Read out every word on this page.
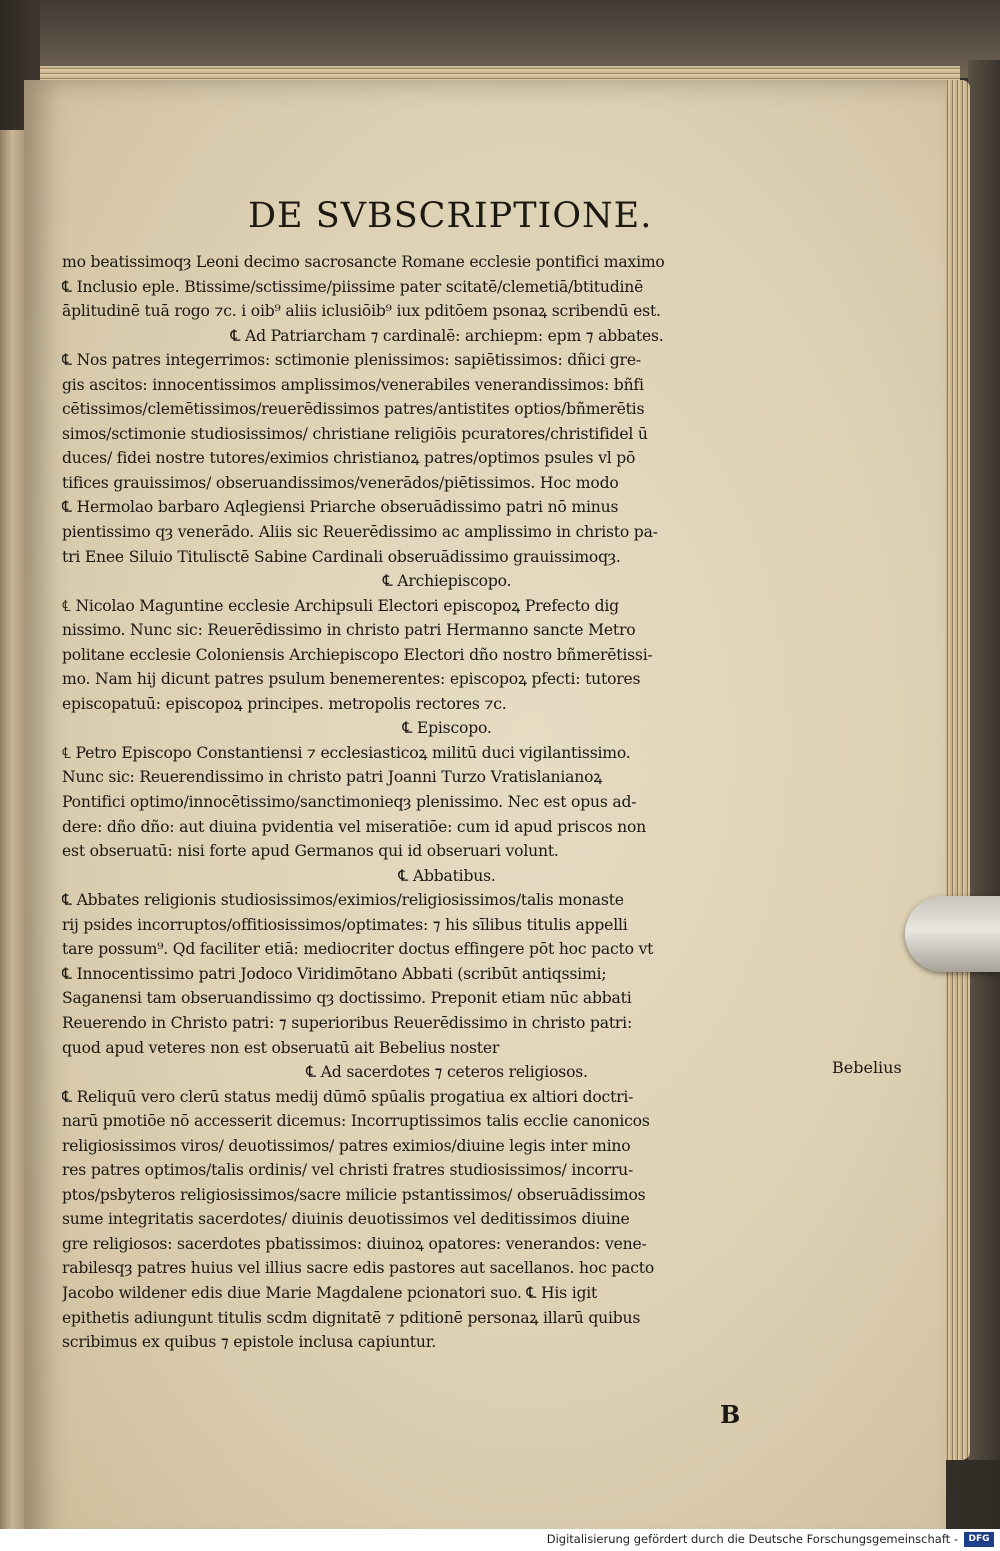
DE SVBSCRIPTIONE.
mo beatissimoqȝ Leoni decimo sacrosancte Romane ecclesie pontifici maximo
℄ Inclusio eple. Btissime/sctissime/piissime pater scitatē/clemetiā/btitudinē
āplitudinē tuā rogo ⁊c. i oib⁹ aliis iclusiōib⁹ iux pditōem psonaꝝ scribendū est.
℄ Ad Patriarcham ⁊ cardinalē: archiepm: epm ⁊ abbates.
℄ Nos patres integerrimos: sctimonie plenissimos: sapiētissimos: dñici gre-
gis ascitos: innocentissimos amplissimos/venerabiles venerandissimos: bñfi
cētissimos/clemētissimos/reuerēdissimos patres/antistites optios/bñmerētis
simos/sctimonie studiosissimos/ christiane religiōis pcuratores/christifidel ū
duces/ fidei nostre tutores/eximios christianoꝝ patres/optimos psules vl pō
tifices grauissimos/ obseruandissimos/venerādos/piētissimos. Hoc modo
℄ Hermolao barbaro Aqlegiensi Priarche obseruādissimo patri nō minus
pientissimo qȝ venerādo. Aliis sic Reuerēdissimo ac amplissimo in christo pa-
tri Enee Siluio Titulisctē Sabine Cardinali obseruādissimo grauissimoqȝ.
℄ Archiepiscopo.
℄ Nicolao Maguntine ecclesie Archipsuli Electori episcopoꝝ Prefecto dig
nissimo. Nunc sic: Reuerēdissimo in christo patri Hermanno sancte Metro
politane ecclesie Coloniensis Archiepiscopo Electori dño nostro bñmerētissi-
mo. Nam hij dicunt patres psulum benemerentes: episcopoꝝ pfecti: tutores
episcopatuū: episcopoꝝ principes. metropolis rectores ⁊c.
℄ Episcopo.
℄ Petro Episcopo Constantiensi ⁊ ecclesiasticoꝝ militū duci vigilantissimo.
Nunc sic: Reuerendissimo in christo patri Joanni Turzo Vratislanianoꝝ
Pontifici optimo/innocētissimo/sanctimonieqȝ plenissimo. Nec est opus ad-
dere: dño dño: aut diuina pvidentia vel miseratiōe: cum id apud priscos non
est obseruatū: nisi forte apud Germanos qui id obseruari volunt.
℄ Abbatibus.
℄ Abbates religionis studiosissimos/eximios/religiosissimos/talis monaste
rij psides incorruptos/offitiosissimos/optimates: ⁊ his sīlibus titulis appelli
tare possum⁹. Qd faciliter etiā: mediocriter doctus effingere pōt hoc pacto vt
℄ Innocentissimo patri Jodoco Viridimōtano Abbati (scribūt antiqssimi;
Saganensi tam obseruandissimo qȝ doctissimo. Preponit etiam nūc abbati
Reuerendo in Christo patri: ⁊ superioribus Reuerēdissimo in christo patri:
quod apud veteres non est obseruatū ait Bebelius noster
℄ Ad sacerdotes ⁊ ceteros religiosos.
℄ Reliquū vero clerū status medij dūmō spūalis progatiua ex altiori doctri-
narū pmotiōe nō accesserit dicemus: Incorruptissimos talis ecclie canonicos
religiosissimos viros/ deuotissimos/ patres eximios/diuine legis inter mino
res patres optimos/talis ordinis/ vel christi fratres studiosissimos/ incorru-
ptos/psbyteros religiosissimos/sacre milicie pstantissimos/ obseruādissimos
sume integritatis sacerdotes/ diuinis deuotissimos vel deditissimos diuine
gre religiosos: sacerdotes pbatissimos: diuinoꝝ opatores: venerandos: vene-
rabilesqȝ patres huius vel illius sacre edis pastores aut sacellanos. hoc pacto
Jacobo wildener edis diue Marie Magdalene pcionatori suo. ℄ His igit
epithetis adiungunt titulis scdm dignitatē ⁊ pditionē personaꝝ illarū quibus
scribimus ex quibus ⁊ epistole inclusa capiuntur.
Bebelius
B
Digitalisierung gefördert durch die Deutsche Forschungsgemeinschaft -	DFG
